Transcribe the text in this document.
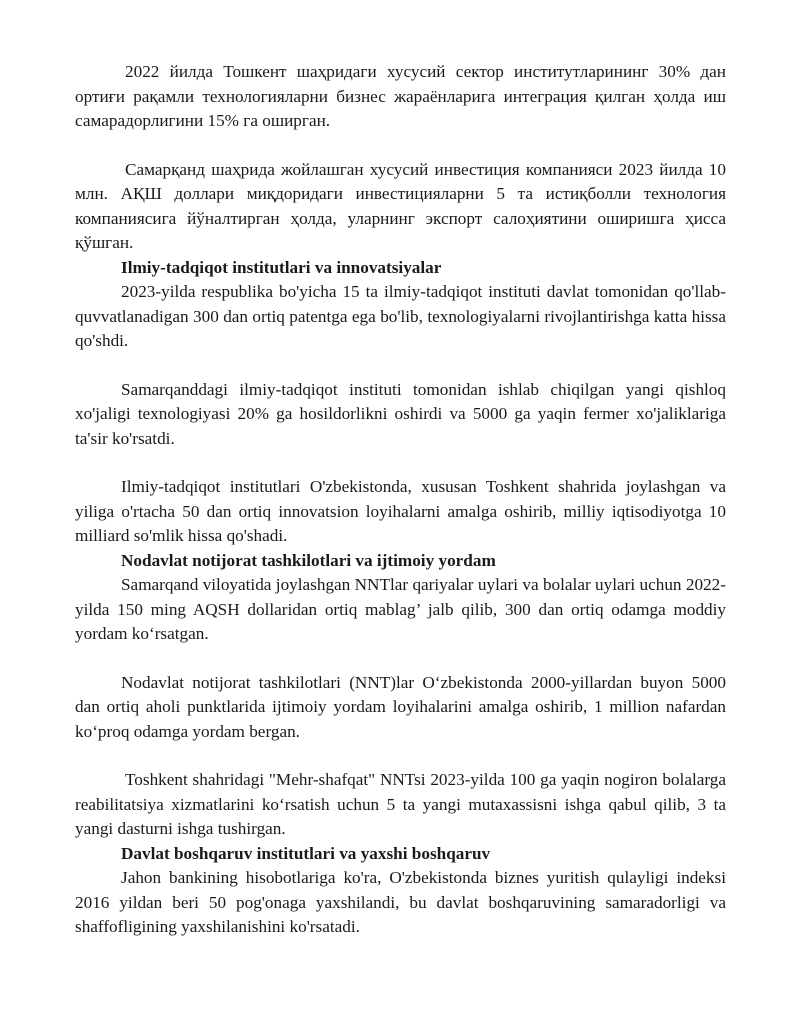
2022 йилда Тошкент шаҳридаги хусусий сектор институтларининг 30% дан ортиғи рақамли технологияларни бизнес жараёнларига интеграция қилган ҳолда иш самарадорлигини 15% га оширган.

Самарқанд шаҳрида жойлашган хусусий инвестиция компанияси 2023 йилда 10 млн. АҚШ доллари миқдоридаги инвестицияларни 5 та истиқболли технология компаниясига йўналтирган ҳолда, уларнинг экспорт салоҳиятини оширишга ҳисса қўшган.

Ilmiy-tadqiqot institutlari va innovatsiyalar

2023-yilda respublika bo'yicha 15 ta ilmiy-tadqiqot instituti davlat tomonidan qo'llab-quvvatlanadigan 300 dan ortiq patentga ega bo'lib, texnologiyalarni rivojlantirishga katta hissa qo'shdi.

Samarqanddagi ilmiy-tadqiqot instituti tomonidan ishlab chiqilgan yangi qishloq xo'jaligi texnologiyasi 20% ga hosildorlikni oshirdi va 5000 ga yaqin fermer xo'jaliklariga ta'sir ko'rsatdi.

Ilmiy-tadqiqot institutlari O'zbekistonda, xususan Toshkent shahrida joylashgan va yiliga o'rtacha 50 dan ortiq innovatsion loyihalarni amalga oshirib, milliy iqtisodiyotga 10 milliard so'mlik hissa qo'shadi.

Nodavlat notijorat tashkilotlari va ijtimoiy yordam

Samarqand viloyatida joylashgan NNTlar qariyalar uylari va bolalar uylari uchun 2022-yilda 150 ming AQSH dollaridan ortiq mablag’ jalb qilib, 300 dan ortiq odamga moddiy yordam ko‘rsatgan.

Nodavlat notijorat tashkilotlari (NNT)lar O‘zbekistonda 2000-yillardan buyon 5000 dan ortiq aholi punktlarida ijtimoiy yordam loyihalarini amalga oshirib, 1 million nafardan ko‘proq odamga yordam bergan.

Toshkent shahridagi "Mehr-shafqat" NNTsi 2023-yilda 100 ga yaqin nogiron bolalarga reabilitatsiya xizmatlarini ko‘rsatish uchun 5 ta yangi mutaxassisni ishga qabul qilib, 3 ta yangi dasturni ishga tushirgan.

Davlat boshqaruv institutlari va yaxshi boshqaruv

Jahon bankining hisobotlariga ko'ra, O'zbekistonda biznes yuritish qulayligi indeksi 2016 yildan beri 50 pog'onaga yaxshilandi, bu davlat boshqaruvining samaradorligi va shaffofligining yaxshilanishini ko'rsatadi.
